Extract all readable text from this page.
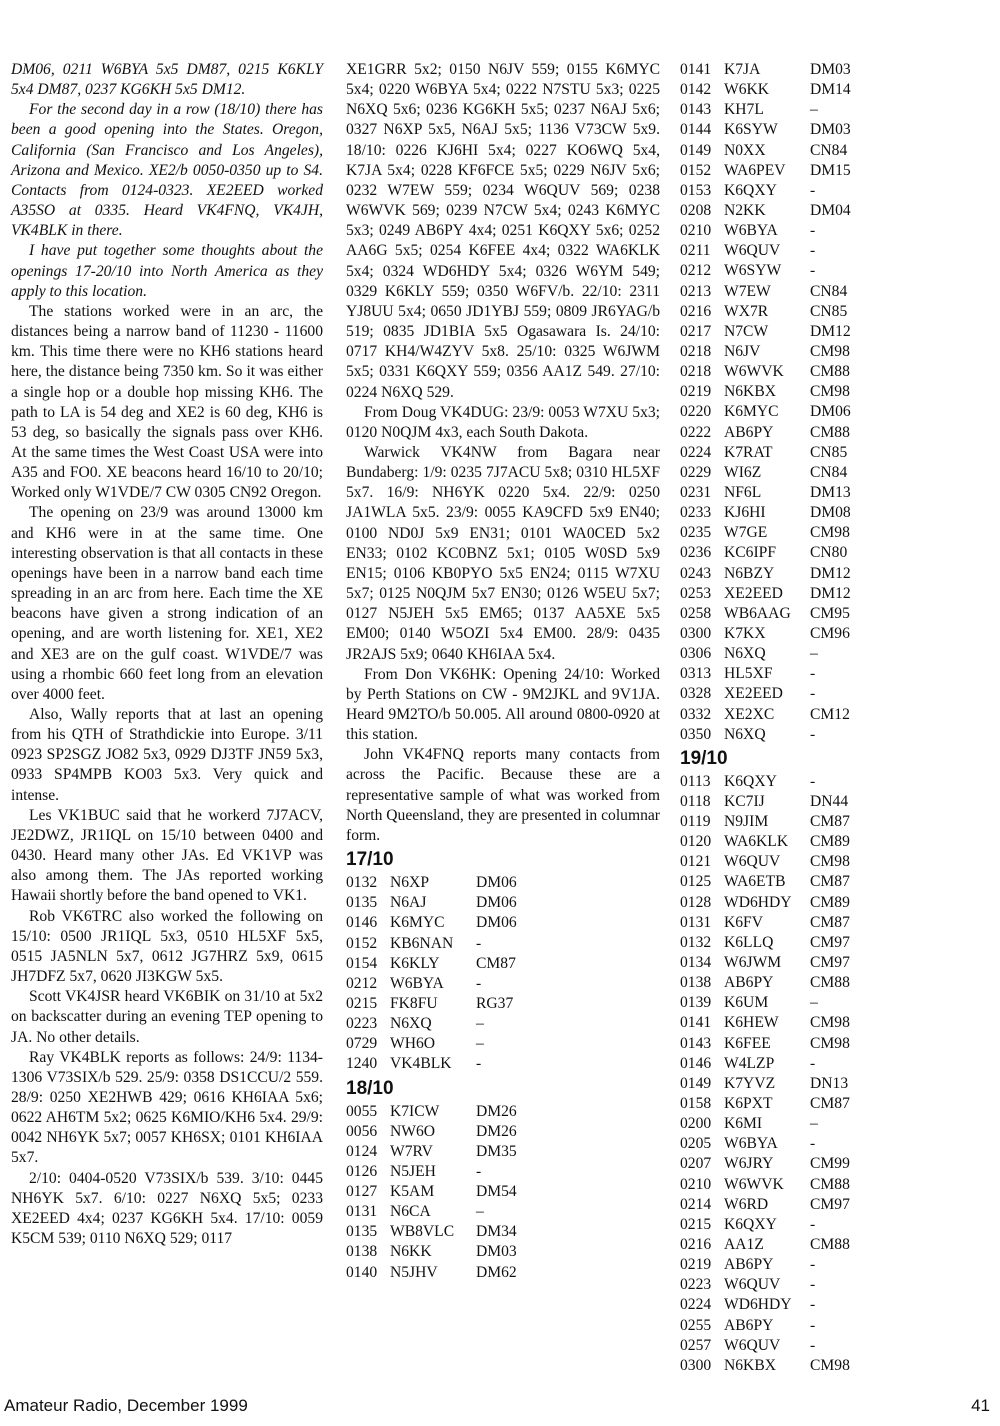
DM06, 0211 W6BYA 5x5 DM87, 0215 K6KLY 5x4 DM87, 0237 KG6KH 5x5 DM12.

For the second day in a row (18/10) there has been a good opening into the States. Oregon, California (San Francisco and Los Angeles), Arizona and Mexico. XE2/b 0050-0350 up to S4. Contacts from 0124-0323. XE2EED worked A35SO at 0335. Heard VK4FNQ, VK4JH, VK4BLK in there.

I have put together some thoughts about the openings 17-20/10 into North America as they apply to this location.

The stations worked were in an arc, the distances being a narrow band of 11230 - 11600 km. This time there were no KH6 stations heard here, the distance being 7350 km. So it was either a single hop or a double hop missing KH6. The path to LA is 54 deg and XE2 is 60 deg, KH6 is 53 deg, so basically the signals pass over KH6. At the same times the West Coast USA were into A35 and FO0. XE beacons heard 16/10 to 20/10; Worked only W1VDE/7 CW 0305 CN92 Oregon.

The opening on 23/9 was around 13000 km and KH6 were in at the same time. One interesting observation is that all contacts in these openings have been in a narrow band each time spreading in an arc from here. Each time the XE beacons have given a strong indication of an opening, and are worth listening for. XE1, XE2 and XE3 are on the gulf coast. W1VDE/7 was using a rhombic 660 feet long from an elevation over 4000 feet.

Also, Wally reports that at last an opening from his QTH of Strathdickie into Europe. 3/11 0923 SP2SGZ JO82 5x3, 0929 DJ3TF JN59 5x3, 0933 SP4MPB KO03 5x3. Very quick and intense.

Les VK1BUC said that he workerd 7J7ACV, JE2DWZ, JR1IQL on 15/10 between 0400 and 0430. Heard many other JAs. Ed VK1VP was also among them. The JAs reported working Hawaii shortly before the band opened to VK1.

Rob VK6TRC also worked the following on 15/10: 0500 JR1IQL 5x3, 0510 HL5XF 5x5, 0515 JA5NLN 5x7, 0612 JG7HRZ 5x9, 0615 JH7DFZ 5x7, 0620 JI3KGW 5x5.

Scott VK4JSR heard VK6BIK on 31/10 at 5x2 on backscatter during an evening TEP opening to JA. No other details.

Ray VK4BLK reports as follows: 24/9: 1134-1306 V73SIX/b 529. 25/9: 0358 DS1CCU/2 559. 28/9: 0250 XE2HWB 429; 0616 KH6IAA 5x6; 0622 AH6TM 5x2; 0625 K6MIO/KH6 5x4. 29/9: 0042 NH6YK 5x7; 0057 KH6SX; 0101 KH6IAA 5x7.

2/10: 0404-0520 V73SIX/b 539. 3/10: 0445 NH6YK 5x7. 6/10: 0227 N6XQ 5x5; 0233 XE2EED 4x4; 0237 KG6KH 5x4. 17/10: 0059 K5CM 539; 0110 N6XQ 529; 0117

XE1GRR 5x2; 0150 N6JV 559; 0155 K6MYC 5x4; 0220 W6BYA 5x4; 0222 N7STU 5x3; 0225 N6XQ 5x6; 0236 KG6KH 5x5; 0237 N6AJ 5x6; 0327 N6XP 5x5, N6AJ 5x5; 1136 V73CW 5x9. 18/10: 0226 KJ6HI 5x4; 0227 KO6WQ 5x4, K7JA 5x4; 0228 KF6FCE 5x5; 0229 N6JV 5x6; 0232 W7EW 559; 0234 W6QUV 569; 0238 W6WVK 569; 0239 N7CW 5x4; 0243 K6MYC 5x3; 0249 AB6PY 4x4; 0251 K6QXY 5x6; 0252 AA6G 5x5; 0254 K6FEE 4x4; 0322 WA6KLK 5x4; 0324 WD6HDY 5x4; 0326 W6YM 549; 0329 K6KLY 559; 0350 W6FV/b. 22/10: 2311 YJ8UU 5x4; 0650 JD1YBJ 559; 0809 JR6YAG/b 519; 0835 JD1BIA 5x5 Ogasawara Is. 24/10: 0717 KH4/W4ZYV 5x8. 25/10: 0325 W6JWM 5x5; 0331 K6QXY 559; 0356 AA1Z 549. 27/10: 0224 N6XQ 529.

From Doug VK4DUG: 23/9: 0053 W7XU 5x3; 0120 N0QJM 4x3, each South Dakota.

Warwick VK4NW from Bagara near Bundaberg: 1/9: 0235 7J7ACU 5x8; 0310 HL5XF 5x7. 16/9: NH6YK 0220 5x4. 22/9: 0250 JA1WLA 5x5. 23/9: 0055 KA9CFD 5x9 EN40; 0100 ND0J 5x9 EN31; 0101 WA0CED 5x2 EN33; 0102 KC0BNZ 5x1; 0105 W0SD 5x9 EN15; 0106 KB0PYO 5x5 EN24; 0115 W7XU 5x7; 0125 N0QJM 5x7 EN30; 0126 W5EU 5x7; 0127 N5JEH 5x5 EM65; 0137 AA5XE 5x5 EM00; 0140 W5OZI 5x4 EM00. 28/9: 0435 JR2AJS 5x9; 0640 KH6IAA 5x4.

From Don VK6HK: Opening 24/10: Worked by Perth Stations on CW - 9M2JKL and 9V1JA. Heard 9M2TO/b 50.005. All around 0800-0920 at this station.

John VK4FNQ reports many contacts from across the Pacific. Because these are a representative sample of what was worked from North Queensland, they are presented in columnar form.

17/10
0132 N6XP	DM06
0135 N6AJ	DM06
0146 K6MYC DM06
0152 KB6NAN -
0154 K6KLY CM87
0212 W6BYA -
0215 FK8FU RG37
0223 N6XQ	–
0729 WH6O	–
1240 VK4BLK -
18/10
0055 K7ICW DM26
0056 NW6O	DM26
0124 W7RV	DM35
0126 N5JEH	-
0127 K5AM	DM54
0131 N6CA	–
0135 WB8VLC DM34
0138 N6KK	DM03
0140 N5JHV DM62
0141 K7JA	DM03
0142 W6KK	DM14
0143 KH7L	–
0144 K6SYW DM03
0149 N0XX	CN84
0152 WA6PEV DM15
0153 K6QXY -
0208 N2KK	DM04
0210 W6BYA -
0211 W6QUV -
0212 W6SYW -
0213 W7EW	CN84
0216 WX7R	CN85
0217 N7CW	DM12
0218 N6JV	CM98
0218 W6WVK CM88
0219 N6KBX CM98
0220 K6MYC DM06
0222 AB6PY CM88
0224 K7RAT CN85
0229 WI6Z	CN84
0231 NF6L	DM13
0233 KJ6HI	DM08
0235 W7GE	CM98
0236 KC6IPF CN80
0243 N6BZY DM12
0253 XE2EED DM12
0258 WB6AAG CM95
0300 K7KX	CM96
0306 N6XQ	–
0313 HL5XF -
0328 XE2EED -
0332 XE2XC CM12
0350 N6XQ	-
19/10
0113 K6QXY -
0118 KC7IJ	DN44
0119 N9JIM	CM87
0120 WA6KLK CM89
0121 W6QUV CM98
0125 WA6ETB CM87
0128 WD6HDY CM89
0131 K6FV	CM87
0132 K6LLQ CM97
0134 W6JWM CM97
0138 AB6PY CM88
0139 K6UM	–
0141 K6HEW CM98
0143 K6FEE	CM98
0146 W4LZP -
0149 K7YVZ DN13
0158 K6PXT CM87
0200 K6MI	–
0205 W6BYA -
0207 W6JRY CM99
0210 W6WVK CM88
0214 W6RD	CM97
0215 K6QXY -
0216 AA1Z	CM88
0219 AB6PY -
0223 W6QUV -
0224 WD6HDY -
0255 AB6PY -
0257 W6QUV -
0300 N6KBX CM98
Amateur Radio, December 1999	41
